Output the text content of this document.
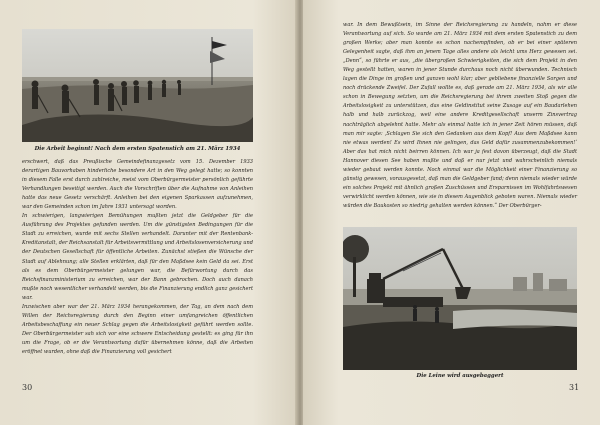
Die Arbeit beginnt! Nach dem ersten Spatenstich am 21. März 1934

erschwert, daß das Preußische Gemeindefinanzgesetz vom 15. Dezember 1933 derartigen Bauvorhaben hinderliche besondere Art in den Weg gelegt hatte; so konnten in diesem Falle erst durch zahlreiche, meist vom Oberbürgermeister persönlich geführte Verhandlungen beseitigt werden. Auch die Vorschriften über die Aufnahme von Anleihen hatte das neue Gesetz verschärft. Anleihen bei den eigenen Sparkassen aufzunehmen, war den Gemeinden schon im Jahre 1931 untersagt worden.

In schwierigen, langwierigen Bemühungen mußten jetzt die Geldgeber für die Ausführung des Projektes gefunden werden. Um die günstigsten Bedingungen für die Stadt zu erreichen, wurde mit sechs Stellen verhandelt. Darunter mit der Rentenbank-Kreditanstalt, der Reichsanstalt für Arbeitsvermittlung und Arbeitslosenversicherung und der Deutschen Gesellschaft für öffentliche Arbeiten. Zunächst stießen die Wünsche der Stadt auf Ablehnung; alle Stellen erklärten, daß für den Maßdsee kein Geld da sei. Erst als es dem Oberbürgermeister gelungen war, die Befürwortung durch das Reichsfinanzministerium zu erreichen, war der Bann gebrochen. Doch auch danach mußte noch wesentlicher verhandelt werden, bis die Finanzierung endlich ganz gesichert war.

Inzwischen aber war der 21. März 1934 herangekommen, der Tag, an dem nach dem Willen der Reichsregierung durch den Beginn einer umfangreichen öffentlichen Arbeitsbeschaffung ein neuer Schlag gegen die Arbeitslosigkeit geführt werden sollte. Der Oberbürgermeister sah sich vor eine schwere Entscheidung gestellt: es ging für ihn um die Frage, ob er die Verantwortung dafür übernehmen könne, daß die Arbeiten eröffnet wurden, ohne daß die Finanzierung voll gesichert

30

war. In dem Bewußtsein, im Sinne der Reichsregierung zu handeln, nahm er diese Verantwortung auf sich. So wurde am 21. März 1934 mit dem ersten Spatenstich zu dem großen Werke; aber man konnte es schon nachempfinden, ob er bei einer späteren Gelegenheit sagte, daß ihm an jenem Tage alles andere als leicht ums Herz gewesen sei. „Denn“, so führte er aus, „die übergroßen Schwierigkeiten, die sich dem Projekt in den Weg gestellt hatten, waren in jener Stunde durchaus noch nicht überwunden. Technisch lagen die Dinge im großen und ganzen wohl klar; aber gebliebene finanzielle Sorgen und noch drückende Zweifel. Der Zufall wollte es, daß gerade am 21. März 1934, als wir alle schon in Bewegung setzten, um die Reichsregierung bei ihrem zweiten Stoß gegen die Arbeitslosigkeit zu unterstützen, das eine Geldinstitut seine Zusage auf ein Baudarlehen halb und halb zurückzog, weil eine andere Kreditgesellschaft unserm Zinsvertrag nachträglich abgelehnt hatte. Mehr als einmal hatte ich in jener Zeit hören müssen, daß man mir sagte: ‚Schlagen Sie sich den Gedanken aus dem Kopf! Aus dem Maßdsee kann nie etwas werden! Es wird Ihnen nie gelingen, das Geld dafür zusammenzubekommen!‘ Aber das hat mich nicht beirren können. Ich war ja fest davon überzeugt, daß die Stadt Hannover diesen See haben mußte und daß er nur jetzt und wahrscheinlich niemals wieder gebaut werden konnte. Noch einmal war die Möglichkeit einer Finanzierung so günstig gewesen, vorausgesetzt, daß man die Geldgeber fand; denn niemals wieder würde ein solches Projekt mit ähnlich großen Zuschüssen und Ersparnissen im Wohlfahrtswesen verwirklicht werden können, wie sie in diesem Augenblick geboten waren. Niemals wieder würden die Baukosten so niedrig gehalten werden können.“ Der Oberbürger-

Die Leine wird ausgebaggert
31
